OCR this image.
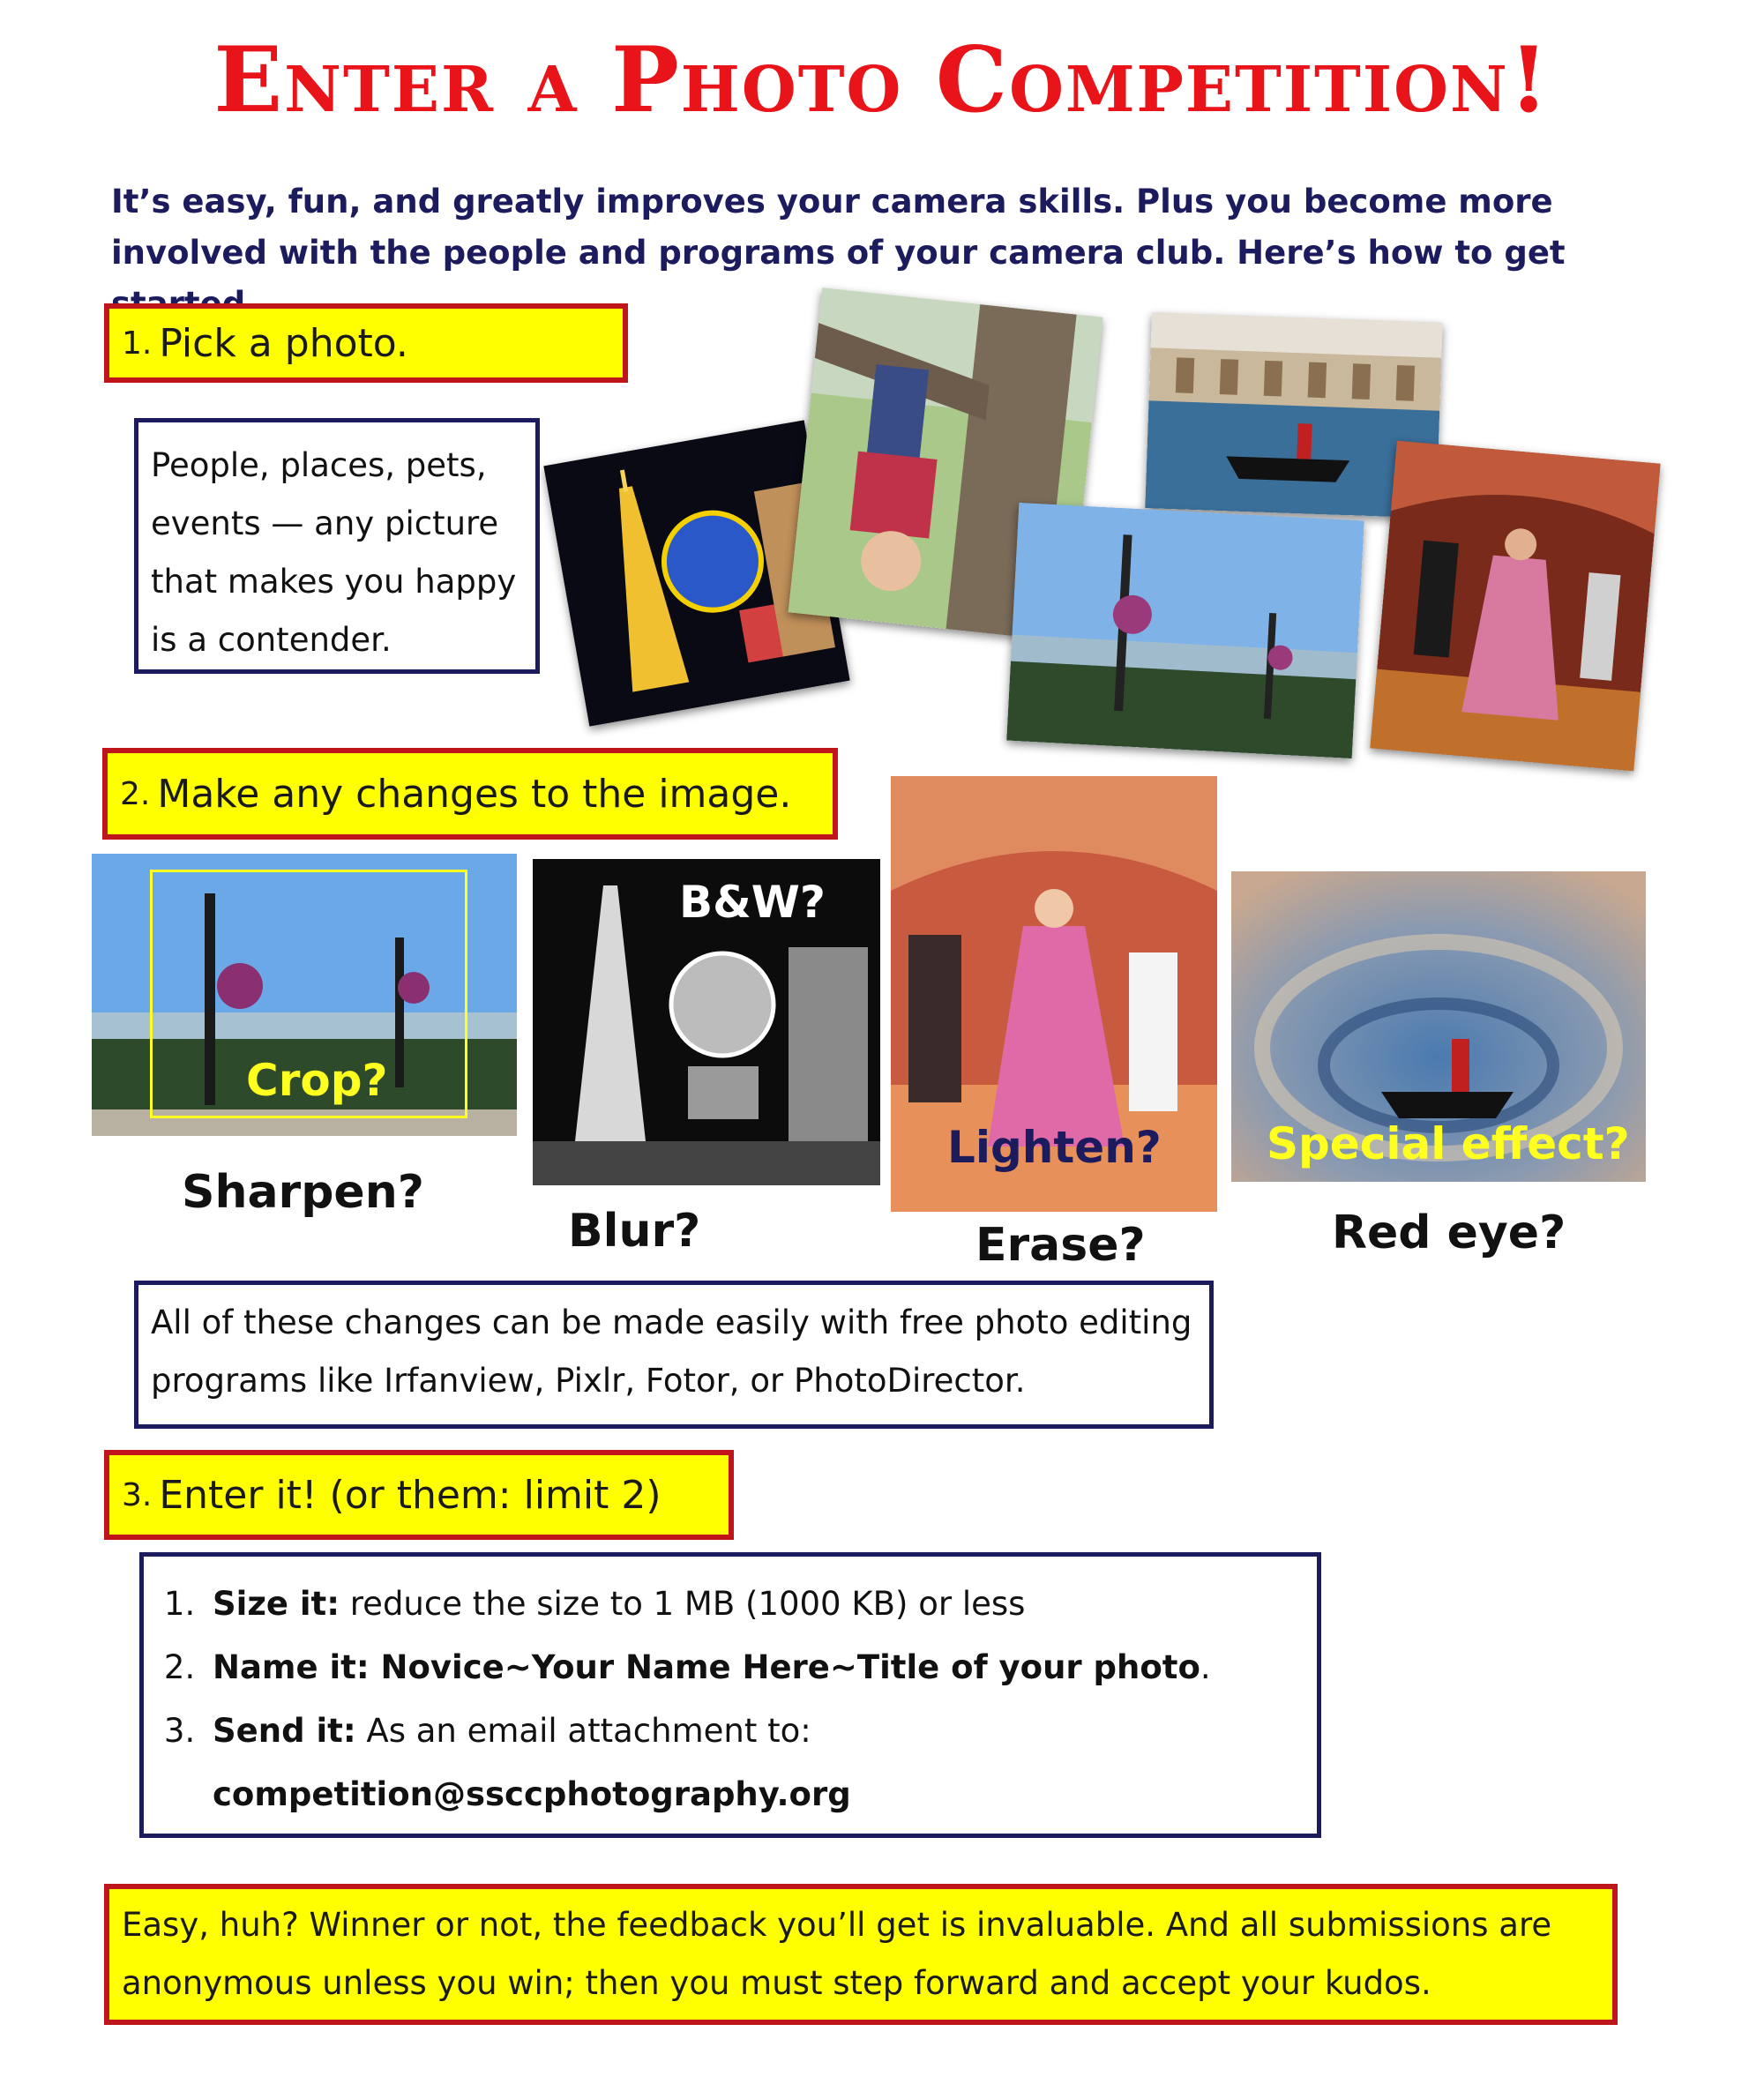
Enter a Photo Competition!
It’s easy, fun, and greatly improves your camera skills. Plus you become more involved with the people and programs of your camera club. Here’s how to get
1. Pick a photo.
People, places, pets, events — any picture that makes you happy is a contender.
2. Make any changes to the image.
Crop?
Sharpen?
B&W?
Blur?
Lighten?
Erase?
Special effect?
Red eye?
All of these changes can be made easily with free photo editing programs like Irfanview, Pixlr, Fotor, or PhotoDirector.
3. Enter it! (or them: limit 2)
1. Size it: reduce the size to 1 MB (1000 KB) or less
2. Name it: Novice~Your Name Here~Title of your photo.
3. Send it: As an email attachment to:
competition@ssccphotography.org
Easy, huh? Winner or not, the feedback you’ll get is invaluable. And all submissions are anonymous unless you win; then you must step forward and accept your kudos.
